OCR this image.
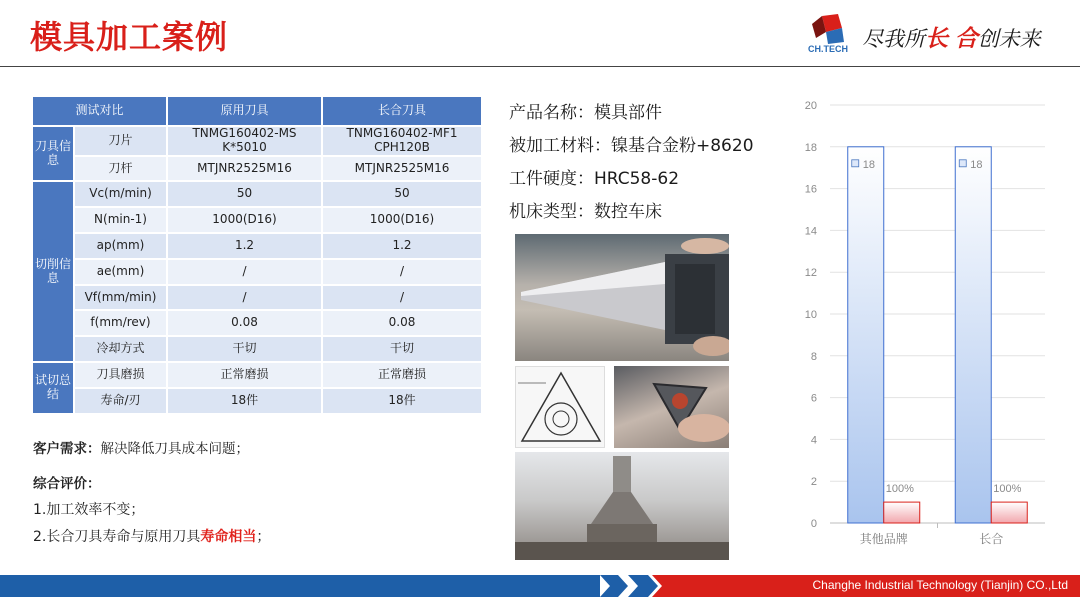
模具加工案例	CH.TECH 尽我所长 合创未来
测试对比		原用刀具	长合刀具
刀具信息	刀片	TNMG160402-MS K*5010	TNMG160402-MF1 CPH120B
	刀杆	MTJNR2525M16	MTJNR2525M16
切削信息	Vc(m/min)	50	50
	N(min-1)	1000(D16)	1000(D16)
	ap(mm)	1.2	1.2
	ae(mm)	/	/
	Vf(mm/min)	/	/
	f(mm/rev)	0.08	0.08
	冷却方式	干切	干切
试切总结	刀具磨损	正常磨损	正常磨损
	寿命/刃	18件	18件
客户需求：解决降低刀具成本问题；
综合评价：
1.加工效率不变；
2.长合刀具寿命与原用刀具寿命相当；
产品名称：模具部件
被加工材料：镍基合金粉+8620
工件硬度：HRC58-62
机床类型：数控车床
0
2
4
6
8
10
12
14
16
18
20
18
100%
其他品牌
18
100%
长合
Changhe Industrial Technology (Tianjin) CO.,Ltd
